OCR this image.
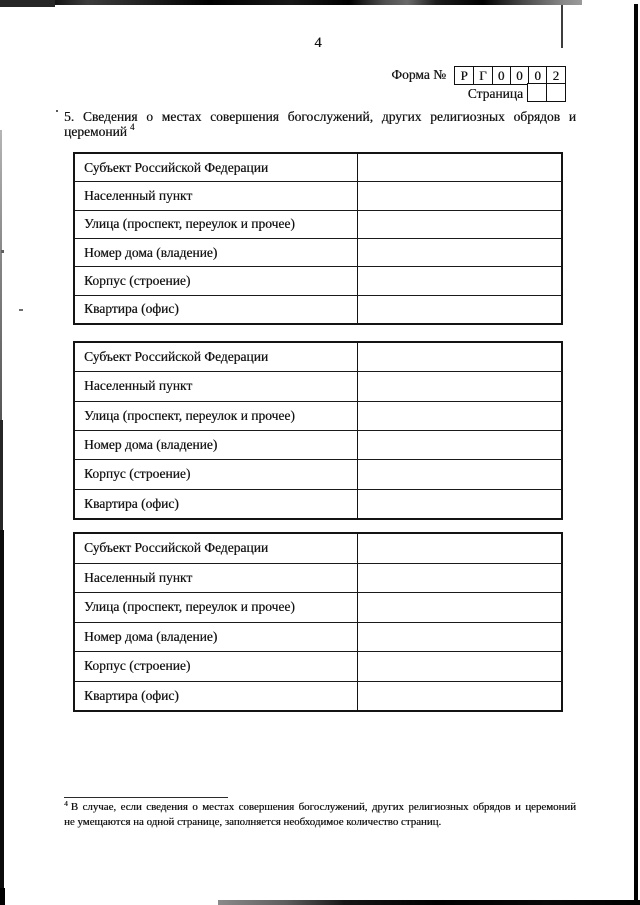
4
Форма №	Р Г 0 0 0 2
Страница
5. Сведения о местах совершения богослужений, других религиозных обрядов и
церемоний $^4$
Субъект Российской Федерации
Населенный пункт
Улица (проспект, переулок и прочее)
Номер дома (владение)
Корпус (строение)
Квартира (офис)
Субъект Российской Федерации
Населенный пункт
Улица (проспект, переулок и прочее)
Номер дома (владение)
Корпус (строение)
Квартира (офис)
Субъект Российской Федерации
Населенный пункт
Улица (проспект, переулок и прочее)
Номер дома (владение)
Корпус (строение)
Квартира (офис)
$^4$ В случае, если сведения о местах совершения богослужений, других религиозных обрядов и церемоний
не умещаются на одной странице, заполняется необходимое количество страниц.
